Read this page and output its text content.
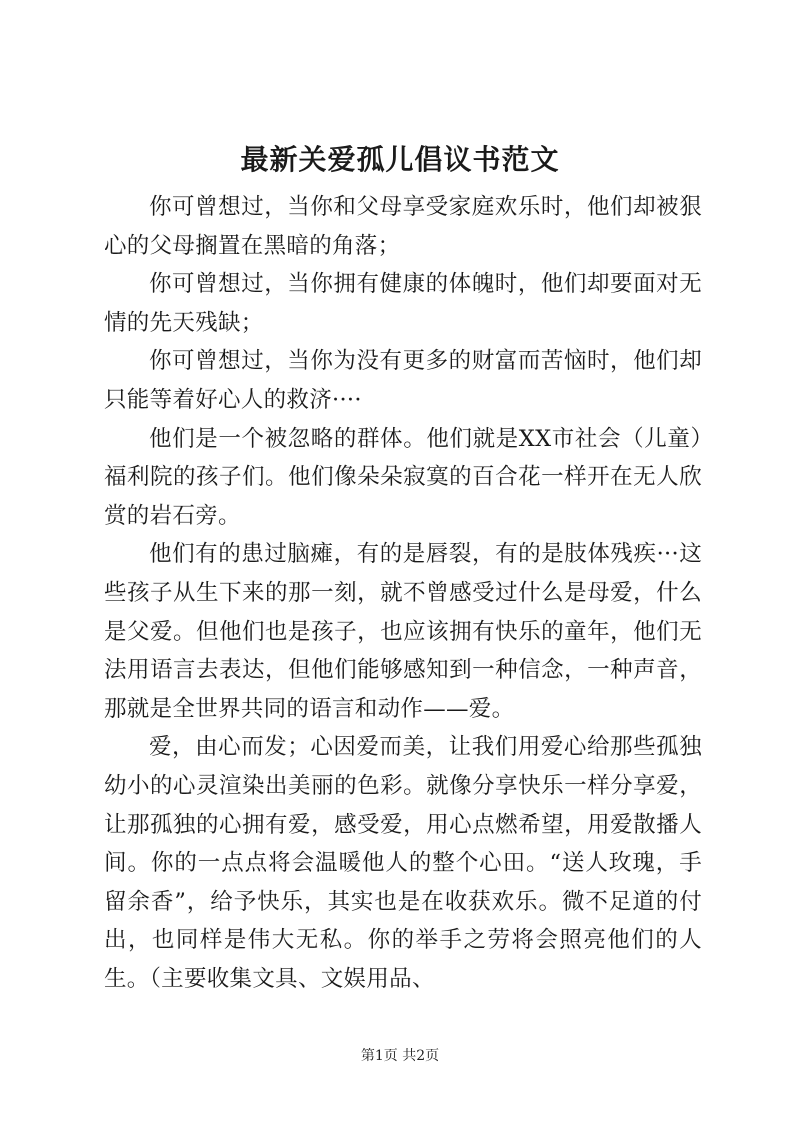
最新关爱孤儿倡议书范文

你可曾想过，当你和父母享受家庭欢乐时，他们却被狠心的父母搁置在黑暗的角落；

你可曾想过，当你拥有健康的体魄时，他们却要面对无情的先天残缺；

你可曾想过，当你为没有更多的财富而苦恼时，他们却只能等着好心人的救济····

他们是一个被忽略的群体。他们就是XX市社会（儿童）福利院的孩子们。他们像朵朵寂寞的百合花一样开在无人欣赏的岩石旁。

他们有的患过脑瘫，有的是唇裂，有的是肢体残疾···这些孩子从生下来的那一刻，就不曾感受过什么是母爱，什么是父爱。但他们也是孩子，也应该拥有快乐的童年，他们无法用语言去表达，但他们能够感知到一种信念，一种声音，那就是全世界共同的语言和动作——爱。

爱，由心而发；心因爱而美，让我们用爱心给那些孤独幼小的心灵渲染出美丽的色彩。就像分享快乐一样分享爱，让那孤独的心拥有爱，感受爱，用心点燃希望，用爱散播人间。你的一点点将会温暖他人的整个心田。“送人玫瑰，手留余香”，给予快乐，其实也是在收获欢乐。微不足道的付出，也同样是伟大无私。你的举手之劳将会照亮他们的人生。（主要收集文具、文娱用品、

第1页 共2页
